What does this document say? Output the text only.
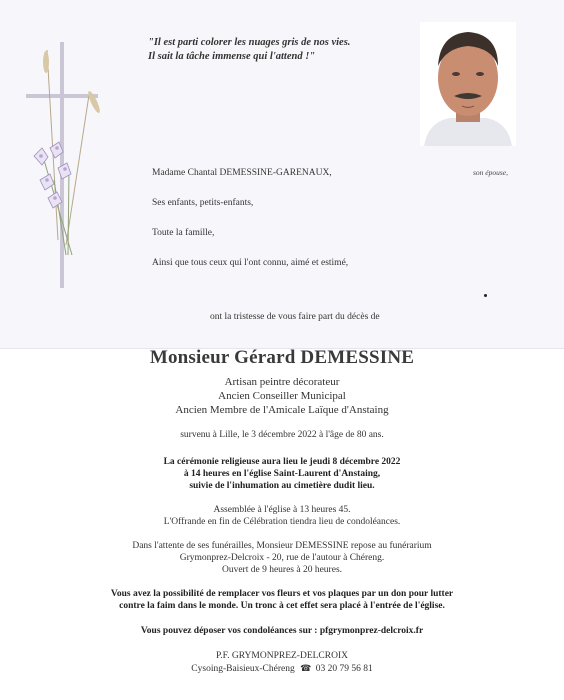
"Il est parti colorer les nuages gris de nos vies.
Il sait la tâche immense qui l'attend !"
Madame Chantal DEMESSINE-GARENAUX,	son épouse,
Ses enfants, petits-enfants,
Toute la famille,
Ainsi que tous ceux qui l'ont connu, aimé et estimé,
ont la tristesse de vous faire part du décès de
Monsieur Gérard DEMESSINE
Artisan peintre décorateur
Ancien Conseiller Municipal
Ancien Membre de l'Amicale Laïque d'Anstaing
survenu à Lille, le 3 décembre 2022 à l'âge de 80 ans.
La cérémonie religieuse aura lieu le jeudi 8 décembre 2022
à 14 heures en l'église Saint-Laurent d'Anstaing,
suivie de l'inhumation au cimetière dudit lieu.
Assemblée à l'église à 13 heures 45.
L'Offrande en fin de Célébration tiendra lieu de condoléances.
Dans l'attente de ses funérailles, Monsieur DEMESSINE repose au funérarium
Grymonprez-Delcroix - 20, rue de l'autour à Chéreng.
Ouvert de 9 heures à 20 heures.
Vous avez la possibilité de remplacer vos fleurs et vos plaques par un don pour lutter
contre la faim dans le monde. Un tronc à cet effet sera placé à l'entrée de l'église.
Vous pouvez déposer vos condoléances sur : pfgrymonprez-delcroix.fr
P.F. GRYMONPREZ-DELCROIX
Cysoing-Baisieux-Chéreng ☎ 03 20 79 56 81
